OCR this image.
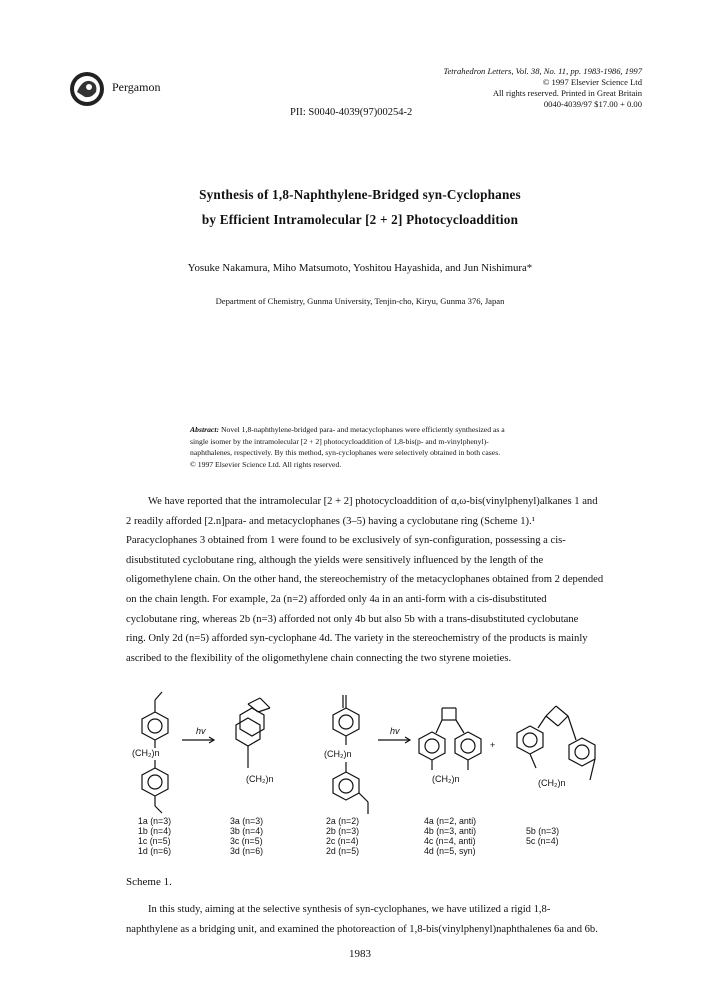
Pergamon
Tetrahedron Letters, Vol. 38, No. 11, pp. 1983-1986, 1997
© 1997 Elsevier Science Ltd
All rights reserved. Printed in Great Britain
0040-4039/97 $17.00 + 0.00
PII: S0040-4039(97)00254-2
Synthesis of 1,8-Naphthylene-Bridged syn-Cyclophanes
by Efficient Intramolecular [2 + 2] Photocycloaddition
Yosuke Nakamura, Miho Matsumoto, Yoshitou Hayashida, and Jun Nishimura*
Department of Chemistry, Gunma University, Tenjin-cho, Kiryu, Gunma 376, Japan
Abstract: Novel 1,8-naphthylene-bridged para- and metacyclophanes were efficiently synthesized as a
single isomer by the intramolecular [2 + 2] photocycloaddition of 1,8-bis(p- and m-vinylphenyl)-
naphthalenes, respectively. By this method, syn-cyclophanes were selectively obtained in both cases.
© 1997 Elsevier Science Ltd. All rights reserved.

We have reported that the intramolecular [2 + 2] photocycloaddition of α,ω-bis(vinylphenyl)alkanes 1 and

2 readily afforded [2.n]para- and metacyclophanes (3–5) having a cyclobutane ring (Scheme 1).¹

Paracyclophanes 3 obtained from 1 were found to be exclusively of syn-configuration, possessing a cis-

disubstituted cyclobutane ring, although the yields were sensitively influenced by the length of the

oligomethylene chain. On the other hand, the stereochemistry of the metacyclophanes obtained from 2 depended

on the chain length. For example, 2a (n=2) afforded only 4a in an anti-form with a cis-disubstituted

cyclobutane ring, whereas 2b (n=3) afforded not only 4b but also 5b with a trans-disubstituted cyclobutane

ring. Only 2d (n=5) afforded syn-cyclophane 4d. The variety in the stereochemistry of the products is mainly

ascribed to the flexibility of the oligomethylene chain connecting the two styrene moieties.

(CH₂)n
hv
(CH₂)n
(CH₂)n
hv
(CH₂)n
+
(CH₂)n
1a (n=3)
1b (n=4)
1c (n=5)
1d (n=6)
3a (n=3)
3b (n=4)
3c (n=5)
3d (n=6)
2a (n=2)
2b (n=3)
2c (n=4)
2d (n=5)
4a (n=2, anti)
4b (n=3, anti)
4c (n=4, anti)
4d (n=5, syn)
5b (n=3)
5c (n=4)
Scheme 1.

In this study, aiming at the selective synthesis of syn-cyclophanes, we have utilized a rigid 1,8-

naphthylene as a bridging unit, and examined the photoreaction of 1,8-bis(vinylphenyl)naphthalenes 6a and 6b.

1983
